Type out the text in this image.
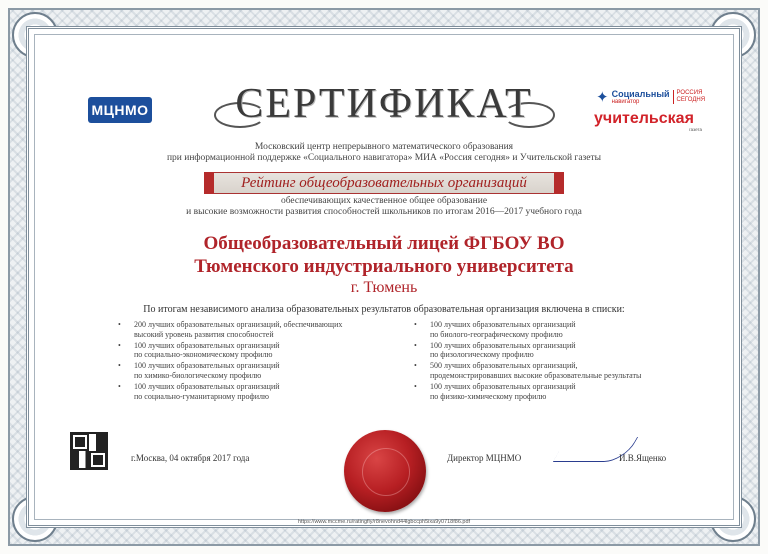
МЦНМО
✦ Социальный
навигатор
РОССИЯ СЕГОДНЯ
учительская
газета
СЕРТИФИКАТ
Московский центр непрерывного математического образования
при информационной поддержке «Социального навигатора» МИА «Россия сегодня» и Учительской газеты
Рейтинг общеобразовательных организаций
обеспечивающих качественное общее образование
и высокие возможности развития способностей школьников по итогам 2016—2017 учебного года
Общеобразовательный лицей ФГБОУ ВО
Тюменского индустриального университета
г. Тюмень
По итогам независимого анализа образовательных результатов образовательная организация включена в списки:
• 200 лучших образовательных организаций, обеспечивающих
высокий уровень развития способностей
• 100 лучших образовательных организаций
по социально-экономическому профилю
• 100 лучших образовательных организаций
по химико-биологическому профилю
• 100 лучших образовательных организаций
по социально-гуманитарному профилю
• 100 лучших образовательных организаций
по биолого-географическому профилю
• 100 лучших образовательных организаций
по физологическому профилю
• 500 лучших образовательных организаций,
продемонстрировавших высокие образовательные результаты
• 100 лучших образовательных организаций
по физико-химическому профилю
г.Москва, 04 октября 2017 года	Директор МЦНМО	И.В.Ященко
https://www.mccme.ru/ratingfiy/r8nevohnd44lgbccph5ixa9y0718f86.pdf
